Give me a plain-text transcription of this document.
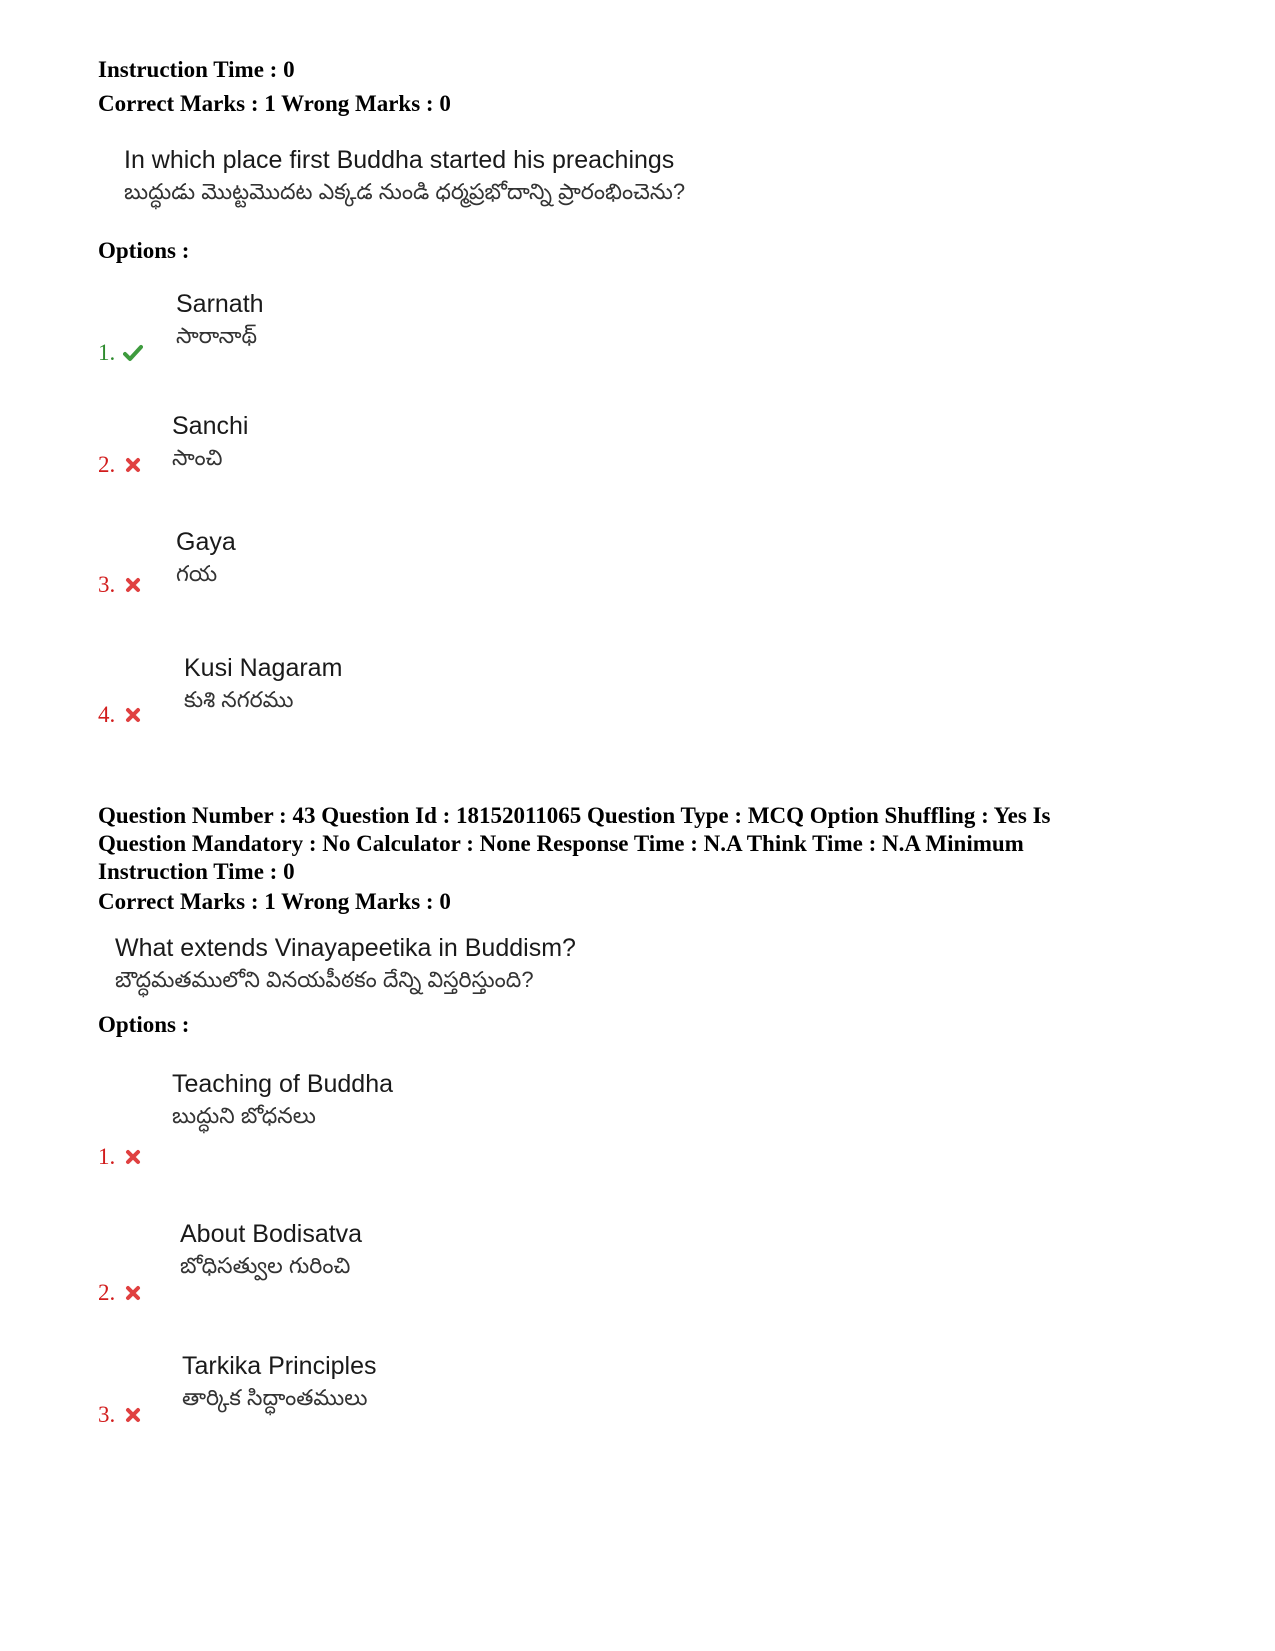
Instruction Time : 0
Correct Marks : 1 Wrong Marks : 0
In which place first Buddha started his preachings
బుద్ధుడు మొట్టమొదట ఎక్కడ నుండి ధర్మప్రభోదాన్ని ప్రారంభించెను?
Options :
Sarnath
సారానాథ్
1.
Sanchi
సాంచి
2.
Gaya
గయ
3.
Kusi Nagaram
కుశి నగరము
4.
Question Number : 43 Question Id : 18152011065 Question Type : MCQ Option Shuffling : Yes Is
Question Mandatory : No Calculator : None Response Time : N.A Think Time : N.A Minimum
Instruction Time : 0
Correct Marks : 1 Wrong Marks : 0
What extends Vinayapeetika in Buddism?
బౌద్ధమతములోని వినయపీఠకం దేన్ని విస్తరిస్తుంది?
Options :
Teaching of Buddha
బుద్ధుని బోధనలు
1.
About Bodisatva
బోధిసత్వుల గురించి
2.
Tarkika Principles
తార్కిక సిద్ధాంతములు
3.
